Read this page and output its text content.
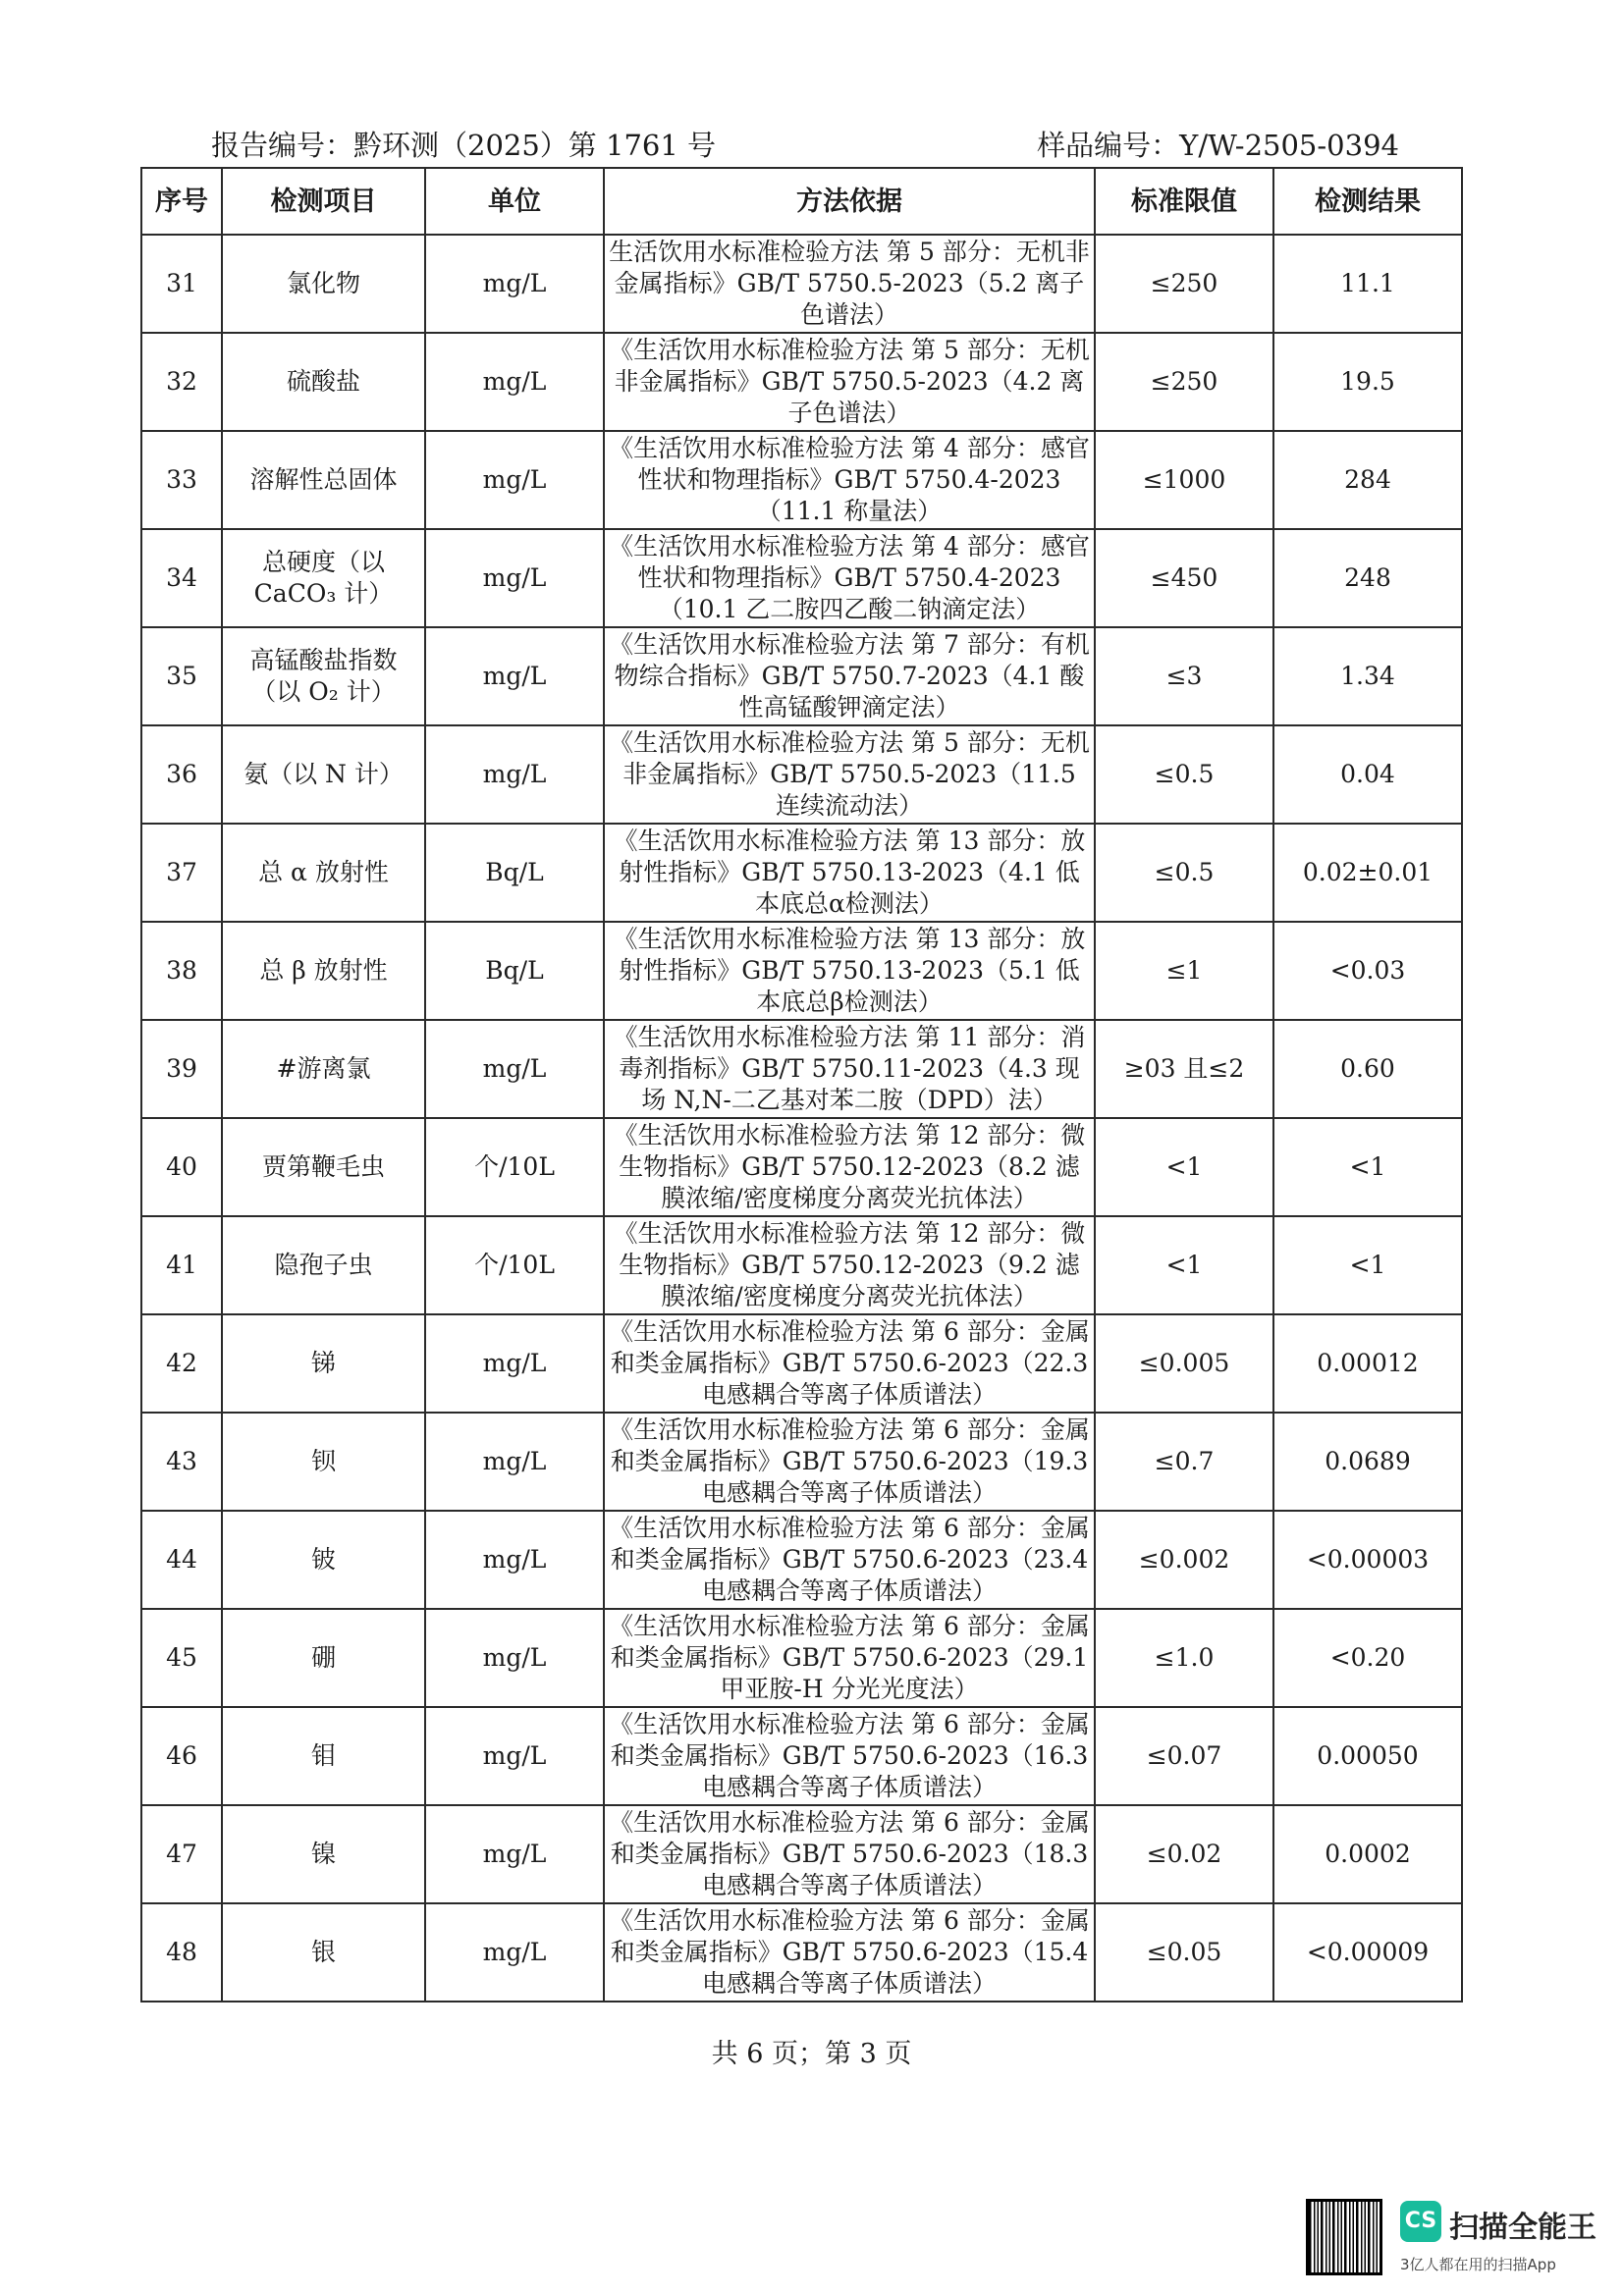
报告编号：黔环测（2025）第 1761 号	样品编号：Y/W-2505-0394
序号	检测项目	单位	方法依据	标准限值	检测结果
31	氯化物	mg/L	生活饮用水标准检验方法 第 5 部分：无机非金属指标》GB/T 5750.5-2023（5.2 离子色谱法）	≤250	11.1
32	硫酸盐	mg/L	《生活饮用水标准检验方法 第 5 部分：无机非金属指标》GB/T 5750.5-2023（4.2 离子色谱法）	≤250	19.5
33	溶解性总固体	mg/L	《生活饮用水标准检验方法 第 4 部分：感官性状和物理指标》GB/T 5750.4-2023（11.1 称量法）	≤1000	284
34	总硬度（以 CaCO₃ 计）	mg/L	《生活饮用水标准检验方法 第 4 部分：感官性状和物理指标》GB/T 5750.4-2023（10.1 乙二胺四乙酸二钠滴定法）	≤450	248
35	高锰酸盐指数（以 O₂ 计）	mg/L	《生活饮用水标准检验方法 第 7 部分：有机物综合指标》GB/T 5750.7-2023（4.1 酸性高锰酸钾滴定法）	≤3	1.34
36	氨（以 N 计）	mg/L	《生活饮用水标准检验方法 第 5 部分：无机非金属指标》GB/T 5750.5-2023（11.5 连续流动法）	≤0.5	0.04
37	总 α 放射性	Bq/L	《生活饮用水标准检验方法 第 13 部分：放射性指标》GB/T 5750.13-2023（4.1 低本底总α检测法）	≤0.5	0.02±0.01
38	总 β 放射性	Bq/L	《生活饮用水标准检验方法 第 13 部分：放射性指标》GB/T 5750.13-2023（5.1 低本底总β检测法）	≤1	<0.03
39	#游离氯	mg/L	《生活饮用水标准检验方法 第 11 部分：消毒剂指标》GB/T 5750.11-2023（4.3 现场 N,N-二乙基对苯二胺（DPD）法）	≥03 且≤2	0.60
40	贾第鞭毛虫	个/10L	《生活饮用水标准检验方法 第 12 部分：微生物指标》GB/T 5750.12-2023（8.2 滤膜浓缩/密度梯度分离荧光抗体法）	<1	<1
41	隐孢子虫	个/10L	《生活饮用水标准检验方法 第 12 部分：微生物指标》GB/T 5750.12-2023（9.2 滤膜浓缩/密度梯度分离荧光抗体法）	<1	<1
42	锑	mg/L	《生活饮用水标准检验方法 第 6 部分：金属和类金属指标》GB/T 5750.6-2023（22.3 电感耦合等离子体质谱法）	≤0.005	0.00012
43	钡	mg/L	《生活饮用水标准检验方法 第 6 部分：金属和类金属指标》GB/T 5750.6-2023（19.3 电感耦合等离子体质谱法）	≤0.7	0.0689
44	铍	mg/L	《生活饮用水标准检验方法 第 6 部分：金属和类金属指标》GB/T 5750.6-2023（23.4 电感耦合等离子体质谱法）	≤0.002	<0.00003
45	硼	mg/L	《生活饮用水标准检验方法 第 6 部分：金属和类金属指标》GB/T 5750.6-2023（29.1 甲亚胺-H 分光光度法）	≤1.0	<0.20
46	钼	mg/L	《生活饮用水标准检验方法 第 6 部分：金属和类金属指标》GB/T 5750.6-2023（16.3 电感耦合等离子体质谱法）	≤0.07	0.00050
47	镍	mg/L	《生活饮用水标准检验方法 第 6 部分：金属和类金属指标》GB/T 5750.6-2023（18.3 电感耦合等离子体质谱法）	≤0.02	0.0002
48	银	mg/L	《生活饮用水标准检验方法 第 6 部分：金属和类金属指标》GB/T 5750.6-2023（15.4 电感耦合等离子体质谱法）	≤0.05	<0.00009
共 6 页；第 3 页
CS 扫描全能王
3亿人都在用的扫描App
